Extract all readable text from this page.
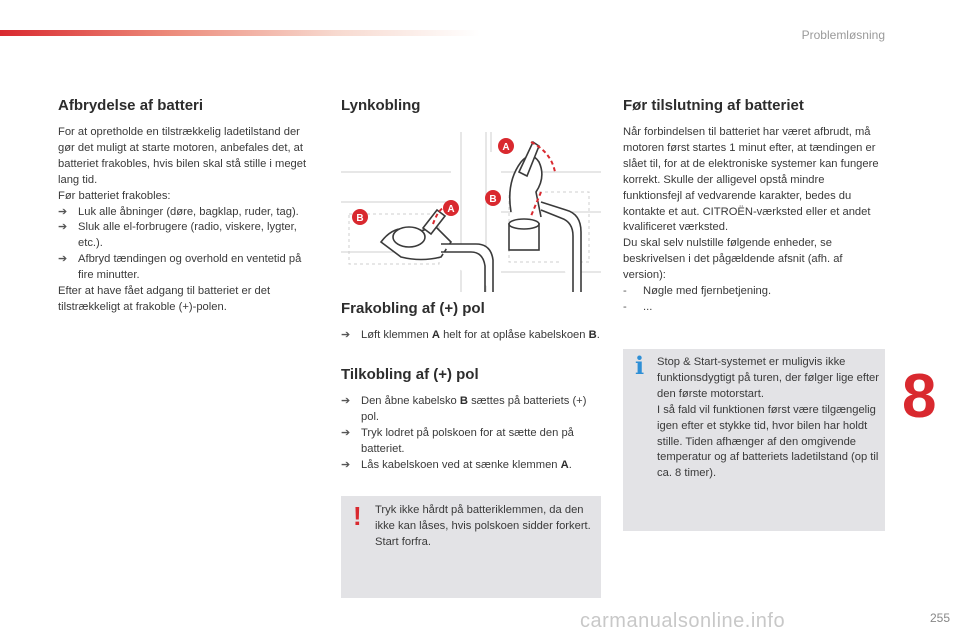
Problemløsning
8
Afbrydelse af batteri

For at opretholde en tilstrækkelig ladetilstand der gør det muligt at starte motoren, anbefales det, at batteriet frakobles, hvis bilen skal stå stille i meget lang tid.

Før batteriet frakobles:

➔ Luk alle åbninger (døre, bagklap, ruder, tag).
➔ Sluk alle el-forbrugere (radio, viskere, lygter, etc.).
➔ Afbryd tændingen og overhold en ventetid på fire minutter.

Efter at have fået adgang til batteriet er det tilstrækkeligt at frakoble (+)-polen.

Lynkobling
B
A
A
B
Frakobling af (+) pol
➔ Løft klemmen A helt for at oplåse kabelskoen B.
Tilkobling af (+) pol
➔ Den åbne kabelsko B sættes på batteriets (+) pol.
➔ Tryk lodret på polskoen for at sætte den på batteriet.
➔ Lås kabelskoen ved at sænke klemmen A.
! Tryk ikke hårdt på batteriklemmen, da den ikke kan låses, hvis polskoen sidder forkert. Start forfra.
Før tilslutning af batteriet

Når forbindelsen til batteriet har været afbrudt, må motoren først startes 1 minut efter, at tændingen er slået til, for at de elektroniske systemer kan fungere korrekt. Skulle der alligevel opstå mindre funktionsfejl af vedvarende karakter, bedes du kontakte et aut. CITROËN-værksted eller et andet kvalificeret værksted.

Du skal selv nulstille følgende enheder, se beskrivelsen i det pågældende afsnit (afh. af version):

-	Nøgle med fjernbetjening.
-	...
i Stop & Start-systemet er muligvis ikke funktionsdygtigt på turen, der følger lige efter den første motorstart.
I så fald vil funktionen først være tilgængelig igen efter et stykke tid, hvor bilen har holdt stille. Tiden afhænger af den omgivende temperatur og af batteriets ladetilstand (op til ca. 8 timer).
carmanualsonline.info	255
